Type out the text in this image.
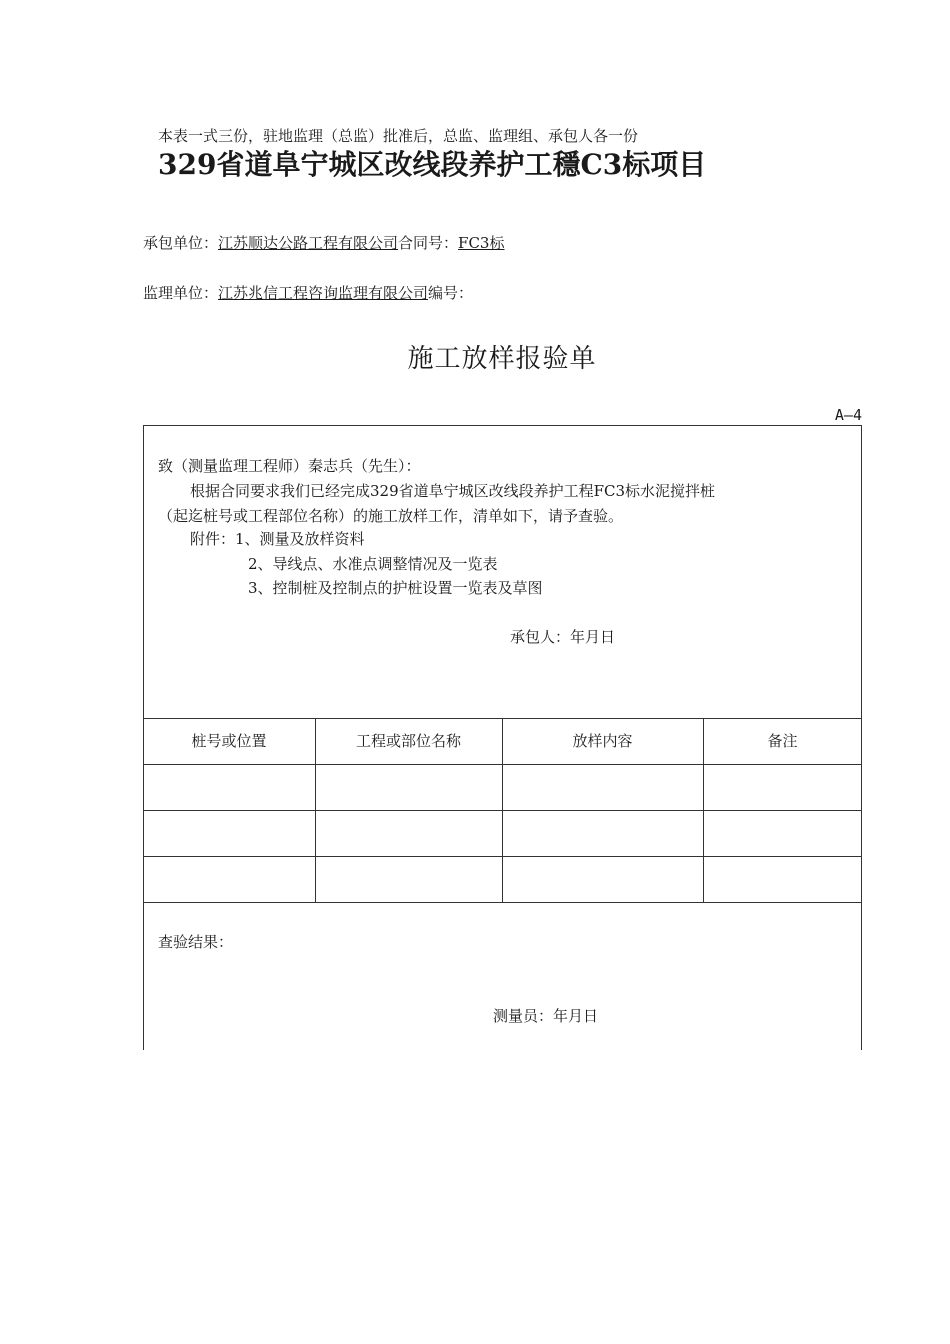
本表一式三份，驻地监理（总监）批准后，总监、监理组、承包人各一份
329省道阜宁城区改线段养护工穩C3标项目
承包单位：江苏顺达公路工程有限公司合同号：FC3标
监理单位：江苏兆信工程咨询监理有限公司编号：
施工放样报验单
A—4
致（测量监理工程师）秦志兵（先生）：
根据合同要求我们已经完成329省道阜宁城区改线段养护工程FC3标水泥搅拌桩
（起迄桩号或工程部位名称）的施工放样工作，清单如下，请予查验。
附件：1、测量及放样资料
2、导线点、水准点调整情况及一览表
3、控制桩及控制点的护桩设置一览表及草图
承包人：年月日
桩号或位置	工程或部位名称	放样内容	备注
查验结果：
测量员：年月日
